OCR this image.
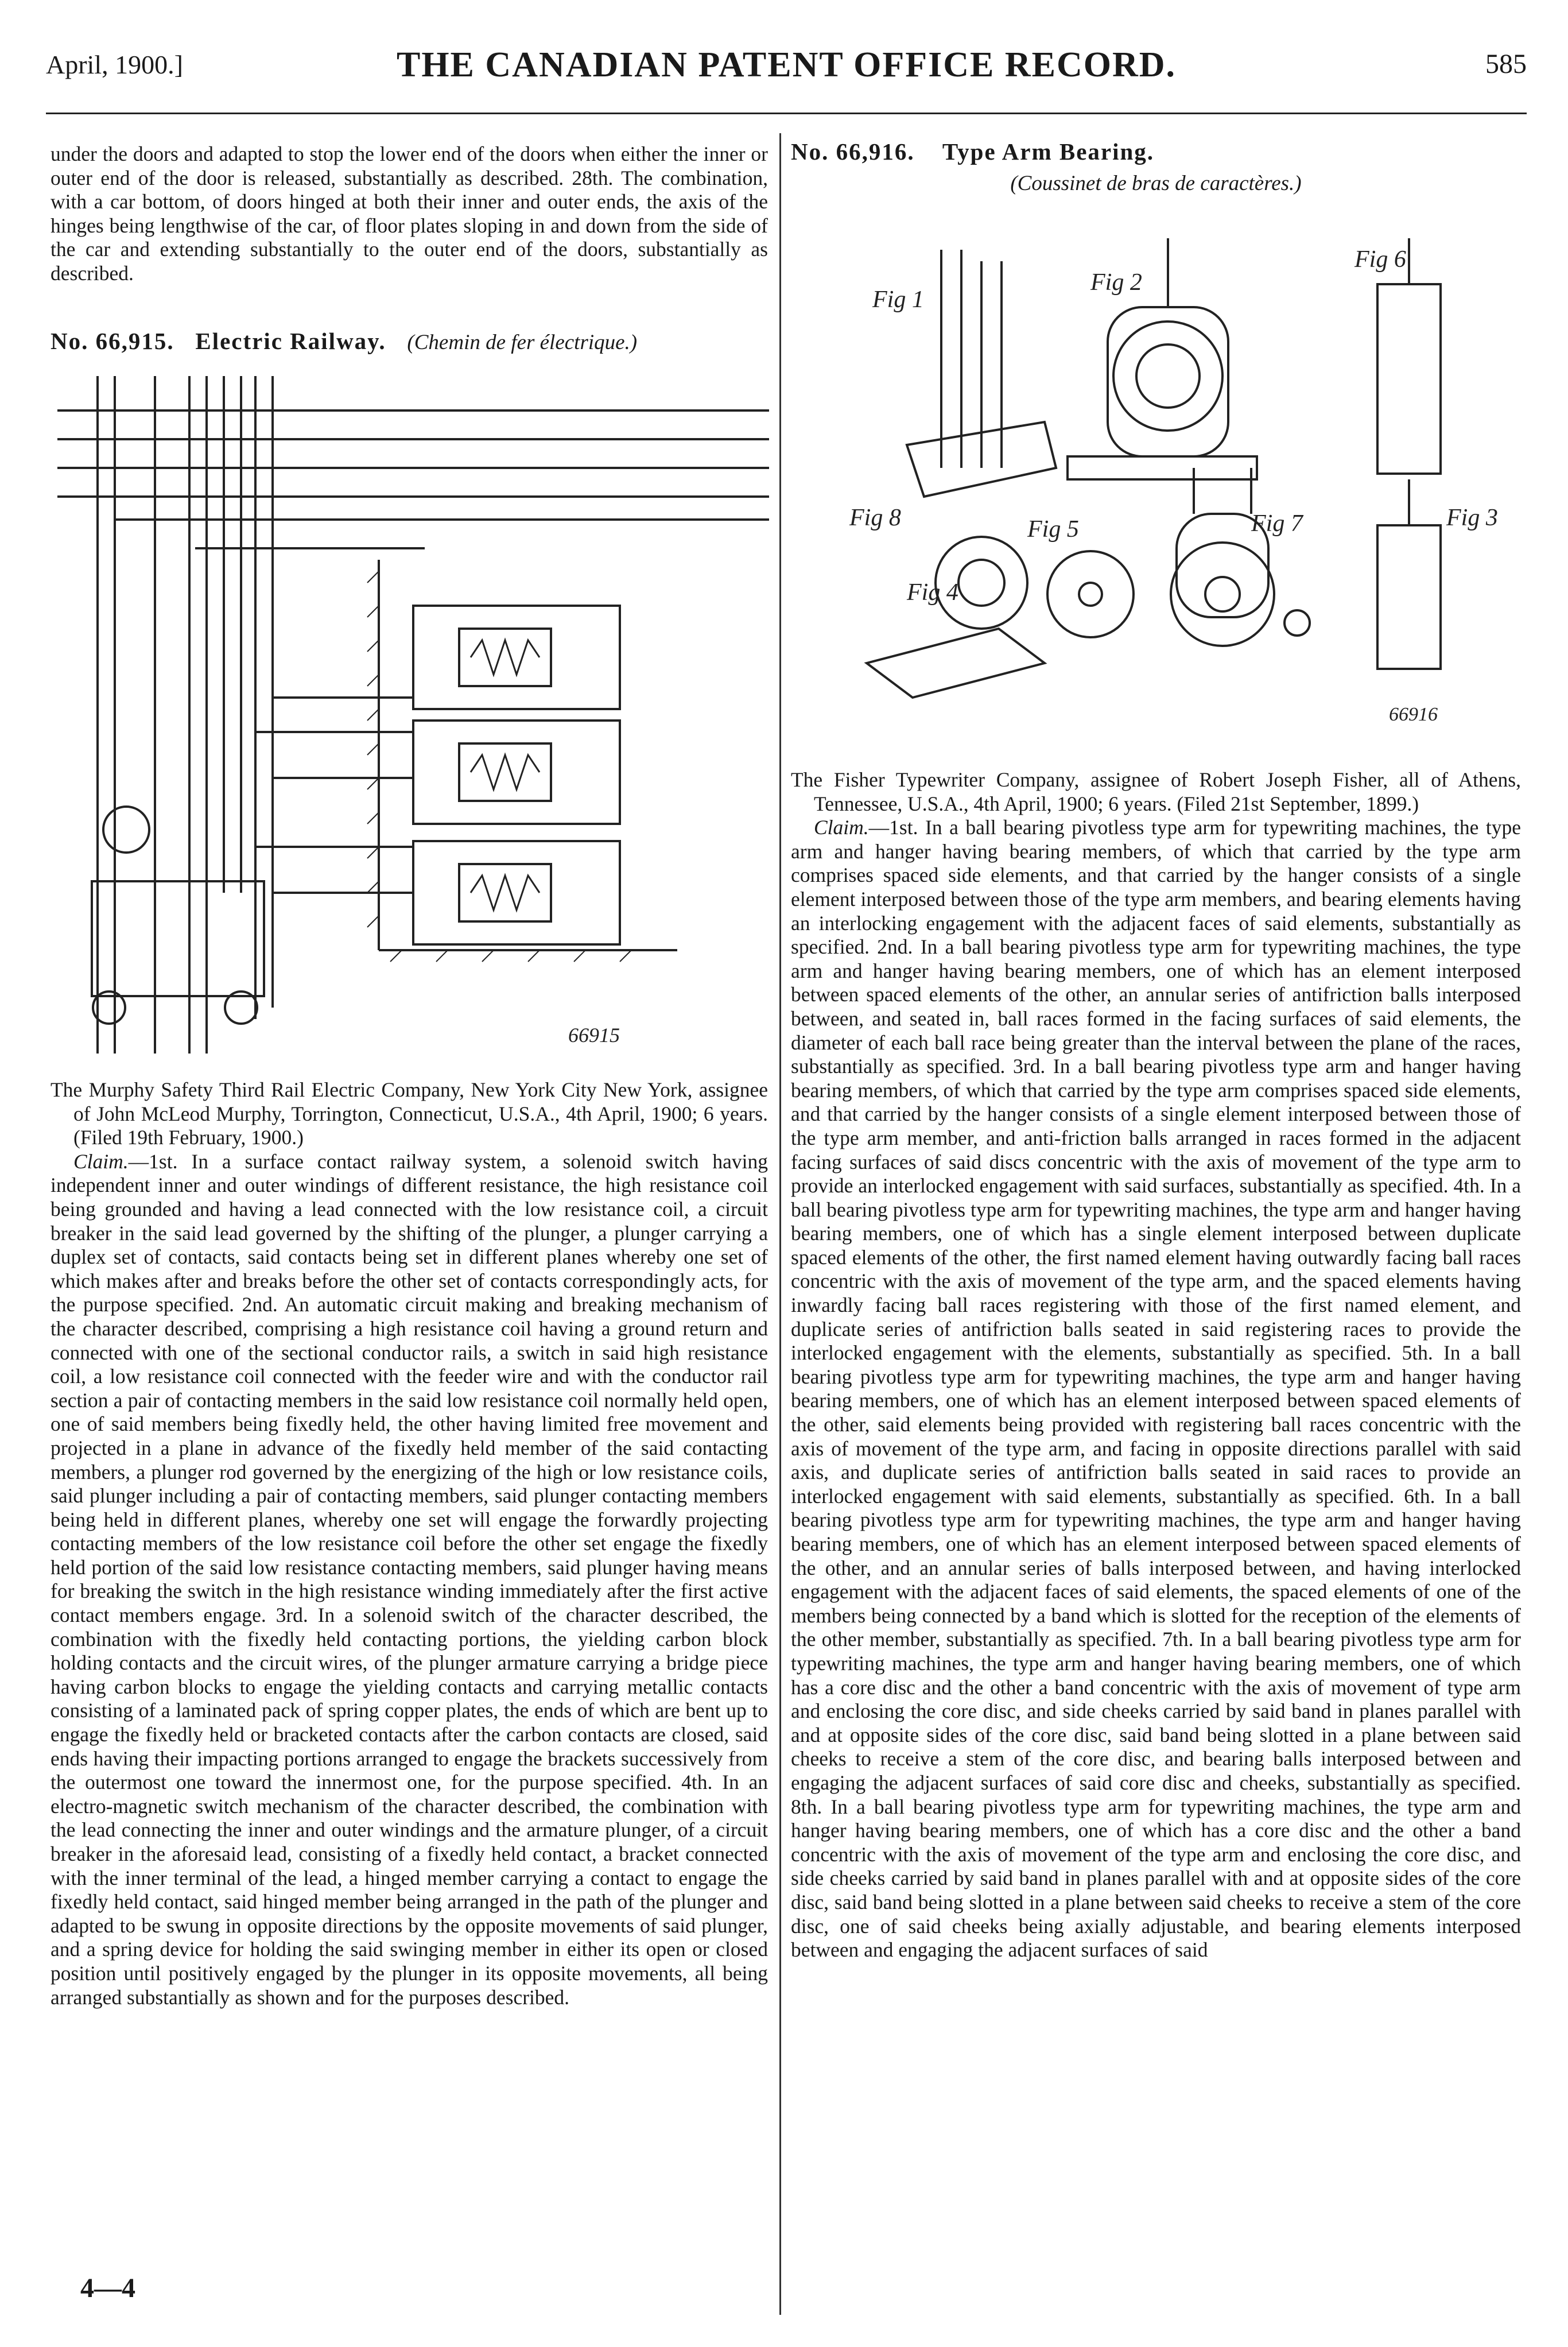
April, 1900.]	THE CANADIAN PATENT OFFICE RECORD.	585

under the doors and adapted to stop the lower end of the doors when either the inner or outer end of the door is released, substantially as described. 28th. The combination, with a car bottom, of doors hinged at both their inner and outer ends, the axis of the hinges being lengthwise of the car, of floor plates sloping in and down from the side of the car and extending substantially to the outer end of the doors, substantially as described.

No. 66,915. Electric Railway. (Chemin de fer électrique.)
66915

The Murphy Safety Third Rail Electric Company, New York City New York, assignee of John McLeod Murphy, Torrington, Connecticut, U.S.A., 4th April, 1900; 6 years. (Filed 19th February, 1900.)

Claim.—1st. In a surface contact railway system, a solenoid switch having independent inner and outer windings of different resistance, the high resistance coil being grounded and having a lead connected with the low resistance coil, a circuit breaker in the said lead governed by the shifting of the plunger, a plunger carrying a duplex set of contacts, said contacts being set in different planes whereby one set of which makes after and breaks before the other set of contacts correspondingly acts, for the purpose specified. 2nd. An automatic circuit making and breaking mechanism of the character described, comprising a high resistance coil having a ground return and connected with one of the sectional conductor rails, a switch in said high resistance coil, a low resistance coil connected with the feeder wire and with the conductor rail section a pair of contacting members in the said low resistance coil normally held open, one of said members being fixedly held, the other having limited free movement and projected in a plane in advance of the fixedly held member of the said contacting members, a plunger rod governed by the energizing of the high or low resistance coils, said plunger including a pair of contacting members, said plunger contacting members being held in different planes, whereby one set will engage the forwardly projecting contacting members of the low resistance coil before the other set engage the fixedly held portion of the said low resistance contacting members, said plunger having means for breaking the switch in the high resistance winding immediately after the first active contact members engage. 3rd. In a solenoid switch of the character described, the combination with the fixedly held contacting portions, the yielding carbon block holding contacts and the circuit wires, of the plunger armature carrying a bridge piece having carbon blocks to engage the yielding contacts and carrying metallic contacts consisting of a laminated pack of spring copper plates, the ends of which are bent up to engage the fixedly held or bracketed contacts after the carbon contacts are closed, said ends having their impacting portions arranged to engage the brackets successively from the outermost one toward the innermost one, for the purpose specified. 4th. In an electro-magnetic switch mechanism of the character described, the combination with the lead connecting the inner and outer windings and the armature plunger, of a circuit breaker in the aforesaid lead, consisting of a fixedly held contact, a bracket connected with the inner terminal of the lead, a hinged member carrying a contact to engage the fixedly held contact, said hinged member being arranged in the path of the plunger and adapted to be swung in opposite directions by the opposite movements of said plunger, and a spring device for holding the said swinging member in either its open or closed position until positively engaged by the plunger in its opposite movements, all being arranged substantially as shown and for the purposes described.

4—4
No. 66,916. Type Arm Bearing.
(Coussinet de bras de caractères.)
Fig 1
Fig 2
Fig 6
Fig 8	Fig 5	Fig 7	Fig 3
Fig 4
66916

The Fisher Typewriter Company, assignee of Robert Joseph Fisher, all of Athens, Tennessee, U.S.A., 4th April, 1900; 6 years. (Filed 21st September, 1899.)

Claim.—1st. In a ball bearing pivotless type arm for typewriting machines, the type arm and hanger having bearing members, of which that carried by the type arm comprises spaced side elements, and that carried by the hanger consists of a single element interposed between those of the type arm members, and bearing elements having an interlocking engagement with the adjacent faces of said elements, substantially as specified. 2nd. In a ball bearing pivotless type arm for typewriting machines, the type arm and hanger having bearing members, one of which has an element interposed between spaced elements of the other, an annular series of antifriction balls interposed between, and seated in, ball races formed in the facing surfaces of said elements, the diameter of each ball race being greater than the interval between the plane of the races, substantially as specified. 3rd. In a ball bearing pivotless type arm and hanger having bearing members, of which that carried by the type arm comprises spaced side elements, and that carried by the hanger consists of a single element interposed between those of the type arm member, and anti-friction balls arranged in races formed in the adjacent facing surfaces of said discs concentric with the axis of movement of the type arm to provide an interlocked engagement with said surfaces, substantially as specified. 4th. In a ball bearing pivotless type arm for typewriting machines, the type arm and hanger having bearing members, one of which has a single element interposed between duplicate spaced elements of the other, the first named element having outwardly facing ball races concentric with the axis of movement of the type arm, and the spaced elements having inwardly facing ball races registering with those of the first named element, and duplicate series of antifriction balls seated in said registering races to provide the interlocked engagement with the elements, substantially as specified. 5th. In a ball bearing pivotless type arm for typewriting machines, the type arm and hanger having bearing members, one of which has an element interposed between spaced elements of the other, said elements being provided with registering ball races concentric with the axis of movement of the type arm, and facing in opposite directions parallel with said axis, and duplicate series of antifriction balls seated in said races to provide an interlocked engagement with said elements, substantially as specified. 6th. In a ball bearing pivotless type arm for typewriting machines, the type arm and hanger having bearing members, one of which has an element interposed between spaced elements of the other, and an annular series of balls interposed between, and having interlocked engagement with the adjacent faces of said elements, the spaced elements of one of the members being connected by a band which is slotted for the reception of the elements of the other member, substantially as specified. 7th. In a ball bearing pivotless type arm for typewriting machines, the type arm and hanger having bearing members, one of which has a core disc and the other a band concentric with the axis of movement of type arm and enclosing the core disc, and side cheeks carried by said band in planes parallel with and at opposite sides of the core disc, said band being slotted in a plane between said cheeks to receive a stem of the core disc, and bearing balls interposed between and engaging the adjacent surfaces of said core disc and cheeks, substantially as specified. 8th. In a ball bearing pivotless type arm for typewriting machines, the type arm and hanger having bearing members, one of which has a core disc and the other a band concentric with the axis of movement of the type arm and enclosing the core disc, and side cheeks carried by said band in planes parallel with and at opposite sides of the core disc, said band being slotted in a plane between said cheeks to receive a stem of the core disc, one of said cheeks being axially adjustable, and bearing elements interposed between and engaging the adjacent surfaces of said
